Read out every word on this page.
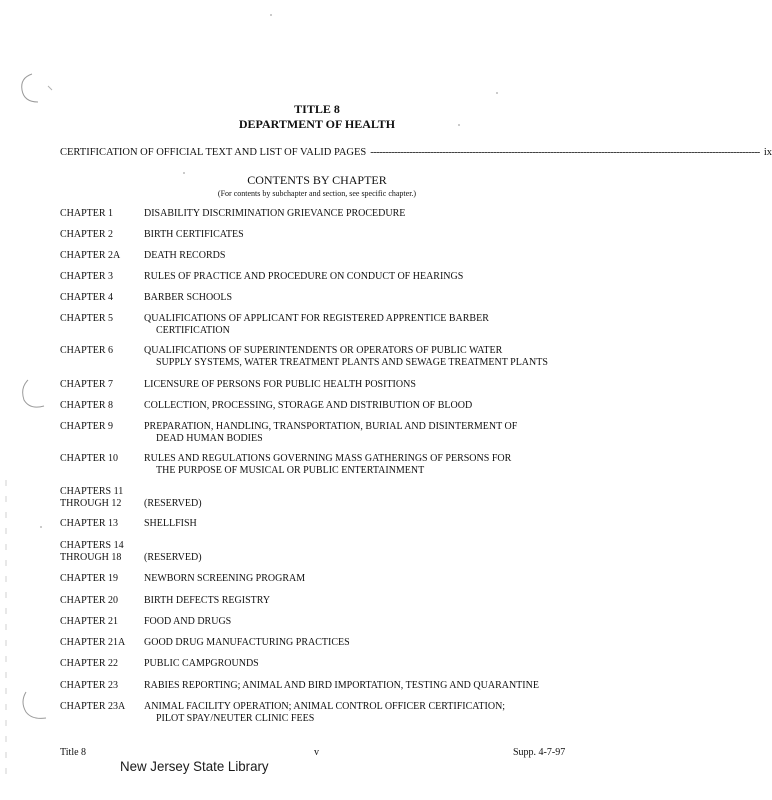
TITLE 8
DEPARTMENT OF HEALTH
CERTIFICATION OF OFFICIAL TEXT AND LIST OF VALID PAGES ---------------------------------------------------------------------------------------------------------------------------------- ix
CONTENTS BY CHAPTER
(For contents by subchapter and section, see specific chapter.)
CHAPTER 1	DISABILITY DISCRIMINATION GRIEVANCE PROCEDURE
CHAPTER 2	BIRTH CERTIFICATES
CHAPTER 2A	DEATH RECORDS
CHAPTER 3	RULES OF PRACTICE AND PROCEDURE ON CONDUCT OF HEARINGS
CHAPTER 4	BARBER SCHOOLS
CHAPTER 5	QUALIFICATIONS OF APPLICANT FOR REGISTERED APPRENTICE BARBER
CERTIFICATION
CHAPTER 6	QUALIFICATIONS OF SUPERINTENDENTS OR OPERATORS OF PUBLIC WATER
SUPPLY SYSTEMS, WATER TREATMENT PLANTS AND SEWAGE TREATMENT PLANTS
CHAPTER 7	LICENSURE OF PERSONS FOR PUBLIC HEALTH POSITIONS
CHAPTER 8	COLLECTION, PROCESSING, STORAGE AND DISTRIBUTION OF BLOOD
CHAPTER 9	PREPARATION, HANDLING, TRANSPORTATION, BURIAL AND DISINTERMENT OF
DEAD HUMAN BODIES
CHAPTER 10	RULES AND REGULATIONS GOVERNING MASS GATHERINGS OF PERSONS FOR
THE PURPOSE OF MUSICAL OR PUBLIC ENTERTAINMENT
CHAPTERS 11
THROUGH 12	(RESERVED)
CHAPTER 13	SHELLFISH
CHAPTERS 14
THROUGH 18	(RESERVED)
CHAPTER 19	NEWBORN SCREENING PROGRAM
CHAPTER 20	BIRTH DEFECTS REGISTRY
CHAPTER 21	FOOD AND DRUGS
CHAPTER 21A	GOOD DRUG MANUFACTURING PRACTICES
CHAPTER 22	PUBLIC CAMPGROUNDS
CHAPTER 23	RABIES REPORTING; ANIMAL AND BIRD IMPORTATION, TESTING AND QUARANTINE
CHAPTER 23A	ANIMAL FACILITY OPERATION; ANIMAL CONTROL OFFICER CERTIFICATION;
PILOT SPAY/NEUTER CLINIC FEES
Title 8	v	Supp. 4-7-97
New Jersey State Library
